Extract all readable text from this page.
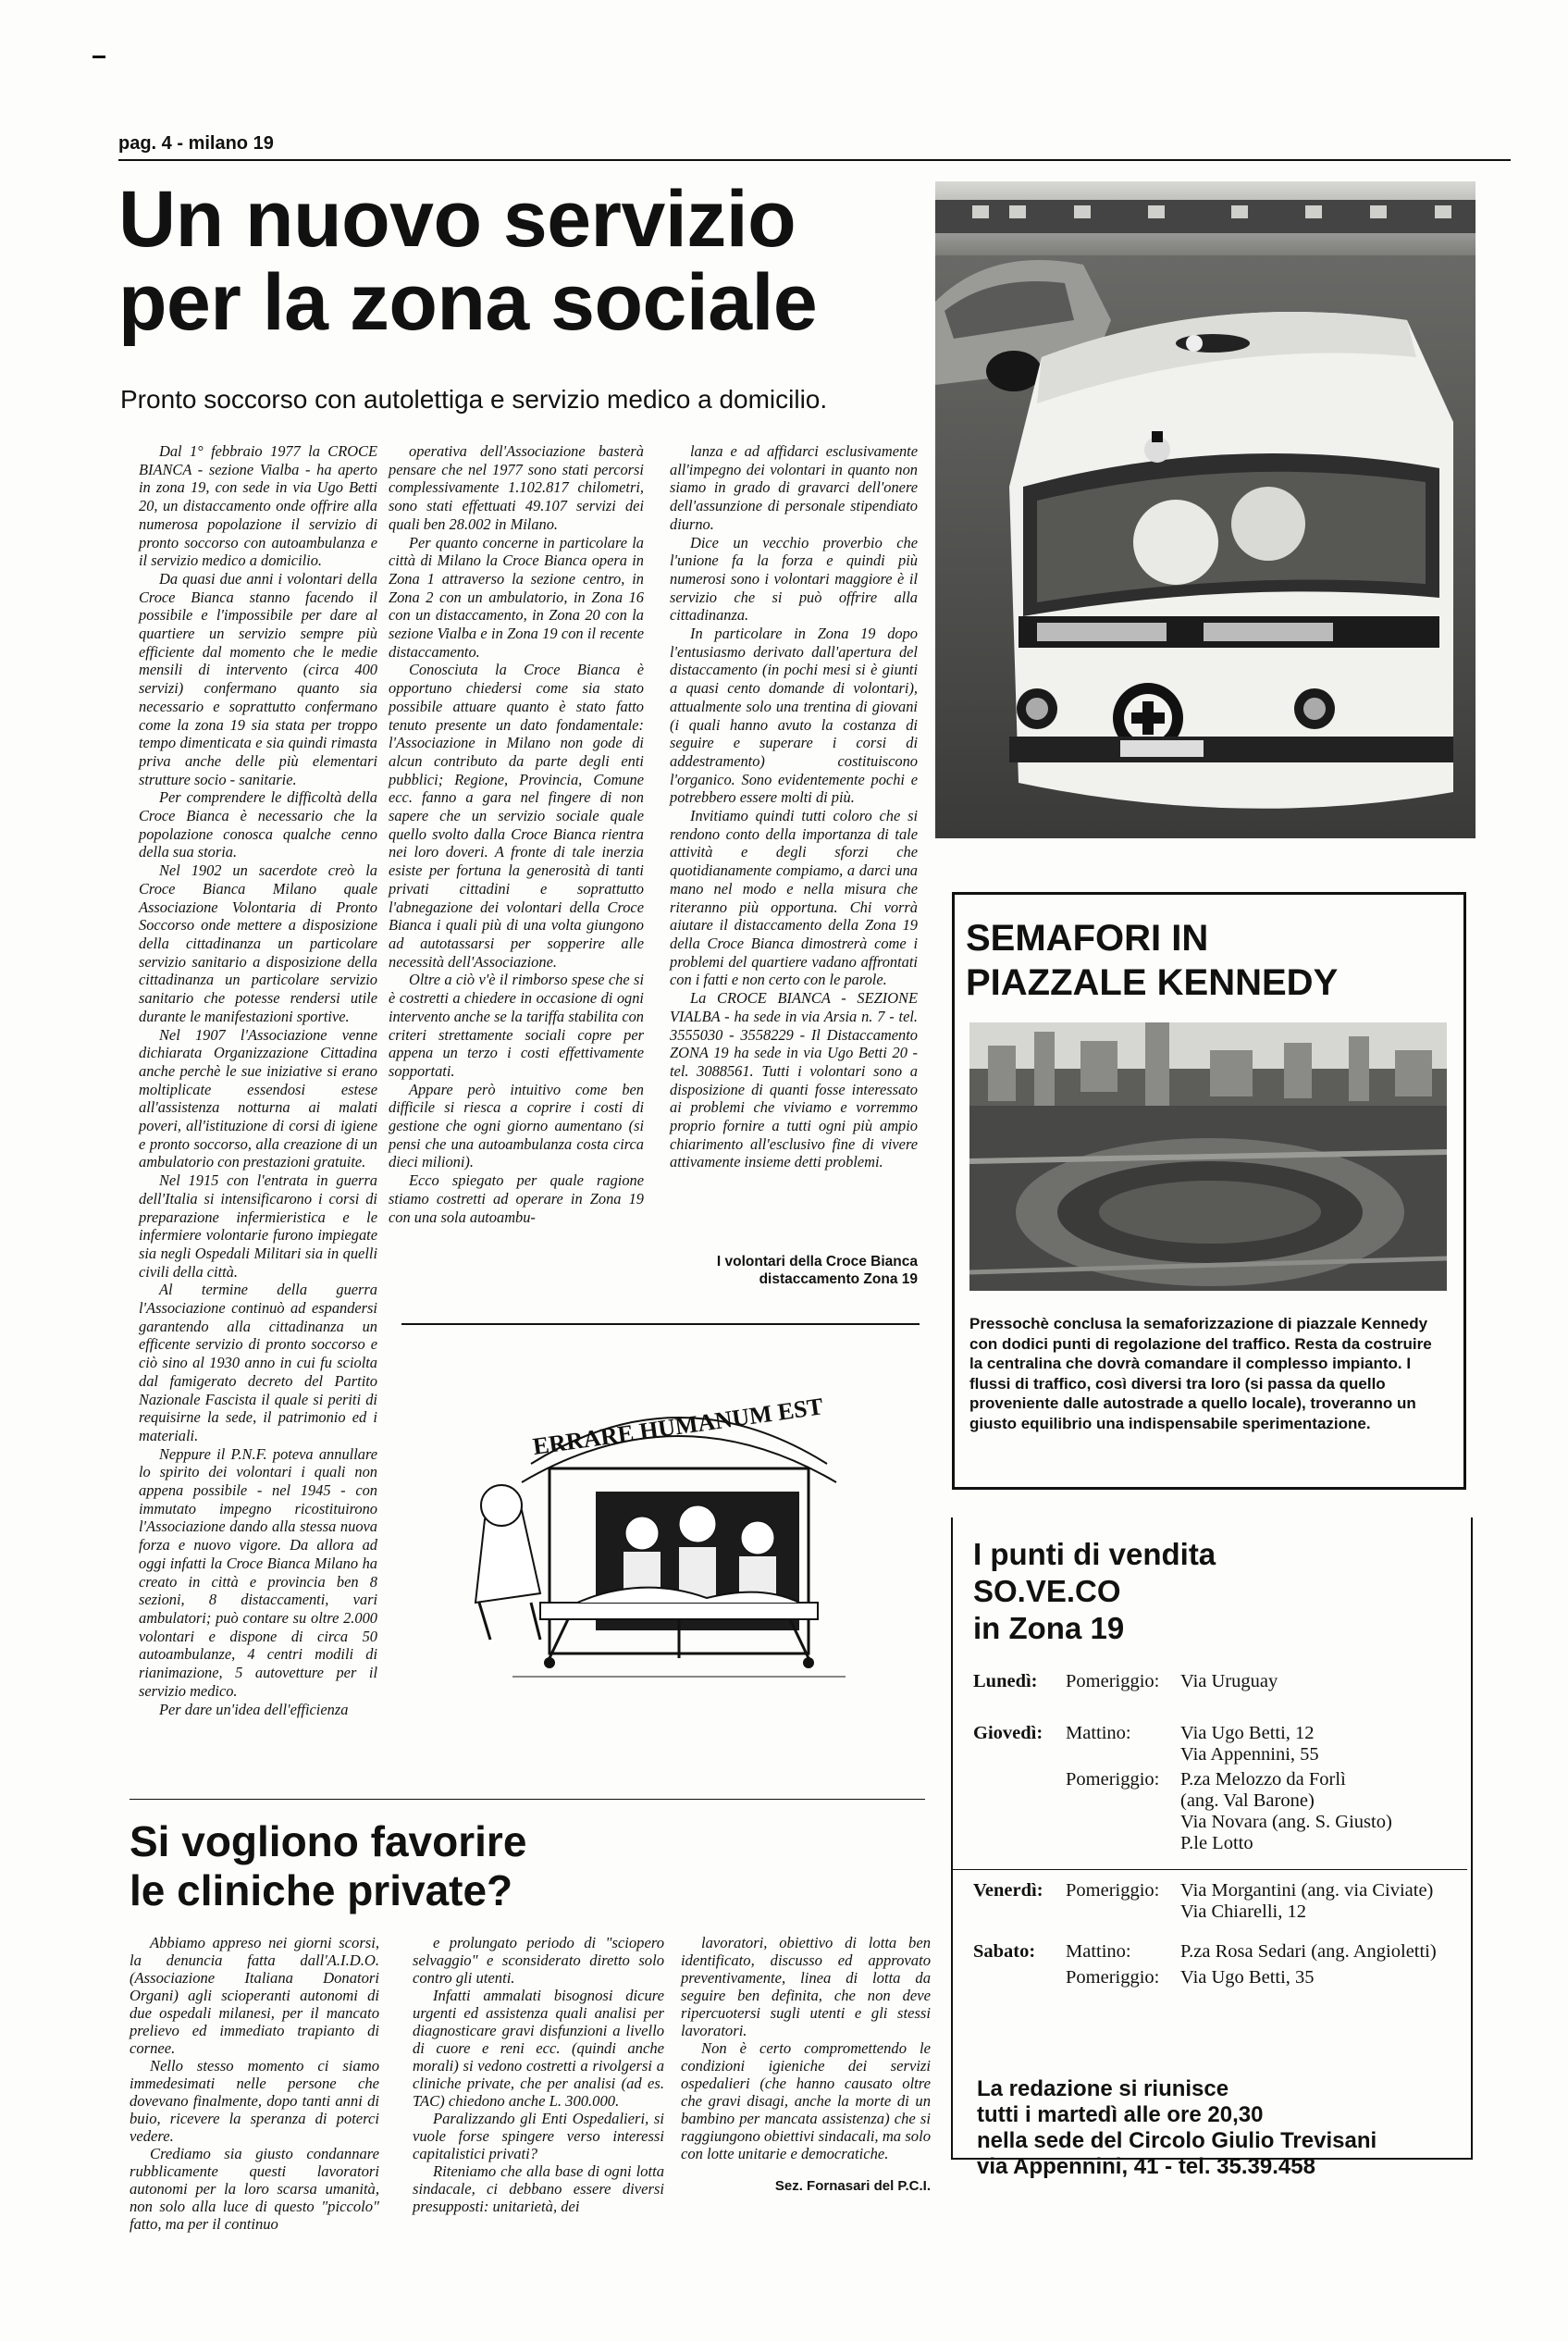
pag. 4 - milano 19
Un nuovo servizio
per la zona sociale
Pronto soccorso con autolettiga e servizio medico a domicilio.

Dal 1° febbraio 1977 la CROCE BIANCA - sezione Vialba - ha aperto in zona 19, con sede in via Ugo Betti 20, un distaccamento onde offrire alla numerosa popolazione il servizio di pronto soccorso con autoambulanza e il servizio medico a domicilio.

Da quasi due anni i volontari della Croce Bianca stanno facendo il possibile e l'impossibile per dare al quartiere un servizio sempre più efficiente dal momento che le medie mensili di intervento (circa 400 servizi) confermano quanto sia necessario e soprattutto confermano come la zona 19 sia stata per troppo tempo dimenticata e sia quindi rimasta priva anche delle più elementari strutture socio - sanitarie.

Per comprendere le difficoltà della Croce Bianca è necessario che la popolazione conosca qualche cenno della sua storia.

Nel 1902 un sacerdote creò la Croce Bianca Milano quale Associazione Volontaria di Pronto Soccorso onde mettere a disposizione della cittadinanza un particolare servizio sanitario a disposizione della cittadinanza un particolare servizio sanitario che potesse rendersi utile durante le manifestazioni sportive.

Nel 1907 l'Associazione venne dichiarata Organizzazione Cittadina anche perchè le sue iniziative si erano moltiplicate essendosi estese all'assistenza notturna ai malati poveri, all'istituzione di corsi di igiene e pronto soccorso, alla creazione di un ambulatorio con prestazioni gratuite.

Nel 1915 con l'entrata in guerra dell'Italia si intensificarono i corsi di preparazione infermieristica e le infermiere volontarie furono impiegate sia negli Ospedali Militari sia in quelli civili della città.

Al termine della guerra l'Associazione continuò ad espandersi garantendo alla cittadinanza un efficente servizio di pronto soccorso e ciò sino al 1930 anno in cui fu sciolta dal famigerato decreto del Partito Nazionale Fascista il quale si periti di requisirne la sede, il patrimonio ed i materiali.

Neppure il P.N.F. poteva annullare lo spirito dei volontari i quali non appena possibile - nel 1945 - con immutato impegno ricostituirono l'Associazione dando alla stessa nuova forza e nuovo vigore. Da allora ad oggi infatti la Croce Bianca Milano ha creato in città e provincia ben 8 sezioni, 8 distaccamenti, vari ambulatori; può contare su oltre 2.000 volontari e dispone di circa 50 autoambulanze, 4 centri modili di rianimazione, 5 autovetture per il servizio medico.

Per dare un'idea dell'efficienza

operativa dell'Associazione basterà pensare che nel 1977 sono stati percorsi complessivamente 1.102.817 chilometri, sono stati effettuati 49.107 servizi dei quali ben 28.002 in Milano.

Per quanto concerne in particolare la città di Milano la Croce Bianca opera in Zona 1 attraverso la sezione centro, in Zona 2 con un ambulatorio, in Zona 16 con un distaccamento, in Zona 20 con la sezione Vialba e in Zona 19 con il recente distaccamento.

Conosciuta la Croce Bianca è opportuno chiedersi come sia stato possibile attuare quanto è stato fatto tenuto presente un dato fondamentale: l'Associazione in Milano non gode di alcun contributo da parte degli enti pubblici; Regione, Provincia, Comune ecc. fanno a gara nel fingere di non sapere che un servizio sociale quale quello svolto dalla Croce Bianca rientra nei loro doveri. A fronte di tale inerzia esiste per fortuna la generosità di tanti privati cittadini e soprattutto l'abnegazione dei volontari della Croce Bianca i quali più di una volta giungono ad autotassarsi per sopperire alle necessità dell'Associazione.

Oltre a ciò v'è il rimborso spese che si è costretti a chiedere in occasione di ogni intervento anche se la tariffa stabilita con criteri strettamente sociali copre per appena un terzo i costi effettivamente sopportati.

Appare però intuitivo come ben difficile si riesca a coprire i costi di gestione che ogni giorno aumentano (si pensi che una autoambulanza costa circa dieci milioni).

Ecco spiegato per quale ragione stiamo costretti ad operare in Zona 19 con una sola autoambu-

lanza e ad affidarci esclusivamente all'impegno dei volontari in quanto non siamo in grado di gravarci dell'onere dell'assunzione di personale stipendiato diurno.

Dice un vecchio proverbio che l'unione fa la forza e quindi più numerosi sono i volontari maggiore è il servizio che si può offrire alla cittadinanza.

In particolare in Zona 19 dopo l'entusiasmo derivato dall'apertura del distaccamento (in pochi mesi si è giunti a quasi cento domande di volontari), attualmente solo una trentina di giovani (i quali hanno avuto la costanza di seguire e superare i corsi di addestramento) costituiscono l'organico. Sono evidentemente pochi e potrebbero essere molti di più.

Invitiamo quindi tutti coloro che si rendono conto della importanza di tale attività e degli sforzi che quotidianamente compiamo, a darci una mano nel modo e nella misura che riteranno più opportuna. Chi vorrà aiutare il distaccamento della Zona 19 della Croce Bianca dimostrerà come i problemi del quartiere vadano affrontati con i fatti e non certo con le parole.

La CROCE BIANCA - SEZIONE VIALBA - ha sede in via Arsia n. 7 - tel. 3555030 - 3558229 - Il Distaccamento ZONA 19 ha sede in via Ugo Betti 20 - tel. 3088561. Tutti i volontari sono a disposizione di quanti fosse interessato ai problemi che viviamo e vorremmo proprio fornire a tutti ogni più ampio chiarimento all'esclusivo fine di vivere attivamente insieme detti problemi.

I volontari della Croce Bianca
distaccamento Zona 19
SEMAFORI IN
PIAZZALE KENNEDY
Pressochè conclusa la semaforizzazione di piazzale Kennedy con dodici punti di regolazione del traffico. Resta da costruire la centralina che dovrà comandare il complesso impianto. I flussi di traffico, così diversi tra loro (si passa da quello proveniente dalle autostrade a quello locale), troveranno un giusto equilibrio una indispensabile sperimentazione.
ERRARE HUMANUM EST
Si vogliono favorire
le cliniche private?

Abbiamo appreso nei giorni scorsi, la denuncia fatta dall'A.I.D.O. (Associazione Italiana Donatori Organi) agli scioperanti autonomi di due ospedali milanesi, per il mancato prelievo ed immediato trapianto di cornee.

Nello stesso momento ci siamo immedesimati nelle persone che dovevano finalmente, dopo tanti anni di buio, ricevere la speranza di poterci vedere.

Crediamo sia giusto condannare rubblicamente questi lavoratori autonomi per la loro scarsa umanità, non solo alla luce di questo "piccolo" fatto, ma per il continuo

e prolungato periodo di "sciopero selvaggio" e sconsiderato diretto solo contro gli utenti.

Infatti ammalati bisognosi dicure urgenti ed assistenza quali analisi per diagnosticare gravi disfunzioni a livello di cuore e reni ecc. (quindi anche morali) si vedono costretti a rivolgersi a cliniche private, che per analisi (ad es. TAC) chiedono anche L. 300.000.

Paralizzando gli Enti Ospedalieri, si vuole forse spingere verso interessi capitalistici privati?

Riteniamo che alla base di ogni lotta sindacale, ci debbano essere diversi presupposti: unitarietà, dei

lavoratori, obiettivo di lotta ben identificato, discusso ed approvato preventivamente, linea di lotta da seguire ben definita, che non deve ripercuotersi sugli utenti e gli stessi lavoratori.

Non è certo compromettendo le condizioni igieniche dei servizi ospedalieri (che hanno causato oltre che gravi disagi, anche la morte di un bambino per mancata assistenza) che si raggiungono obiettivi sindacali, ma solo con lotte unitarie e democratiche.

Sez. Fornasari del P.C.I.
I punti di vendita
SO.VE.CO
in Zona 19
Lunedì: Pomeriggio: Via Uruguay
Giovedì: Mattino:	Via Ugo Betti, 12
Via Appennini, 55
Pomeriggio: P.za Melozzo da Forlì
(ang. Val Barone)
Via Novara (ang. S. Giusto)
P.le Lotto
Venerdì: Pomeriggio: Via Morgantini (ang. via Civiate)
Via Chiarelli, 12
Sabato: Mattino:	P.za Rosa Sedari (ang. Angioletti)
Pomeriggio: Via Ugo Betti, 35
La redazione si riunisce
tutti i martedì alle ore 20,30
nella sede del Circolo Giulio Trevisani
via Appennini, 41 - tel. 35.39.458
